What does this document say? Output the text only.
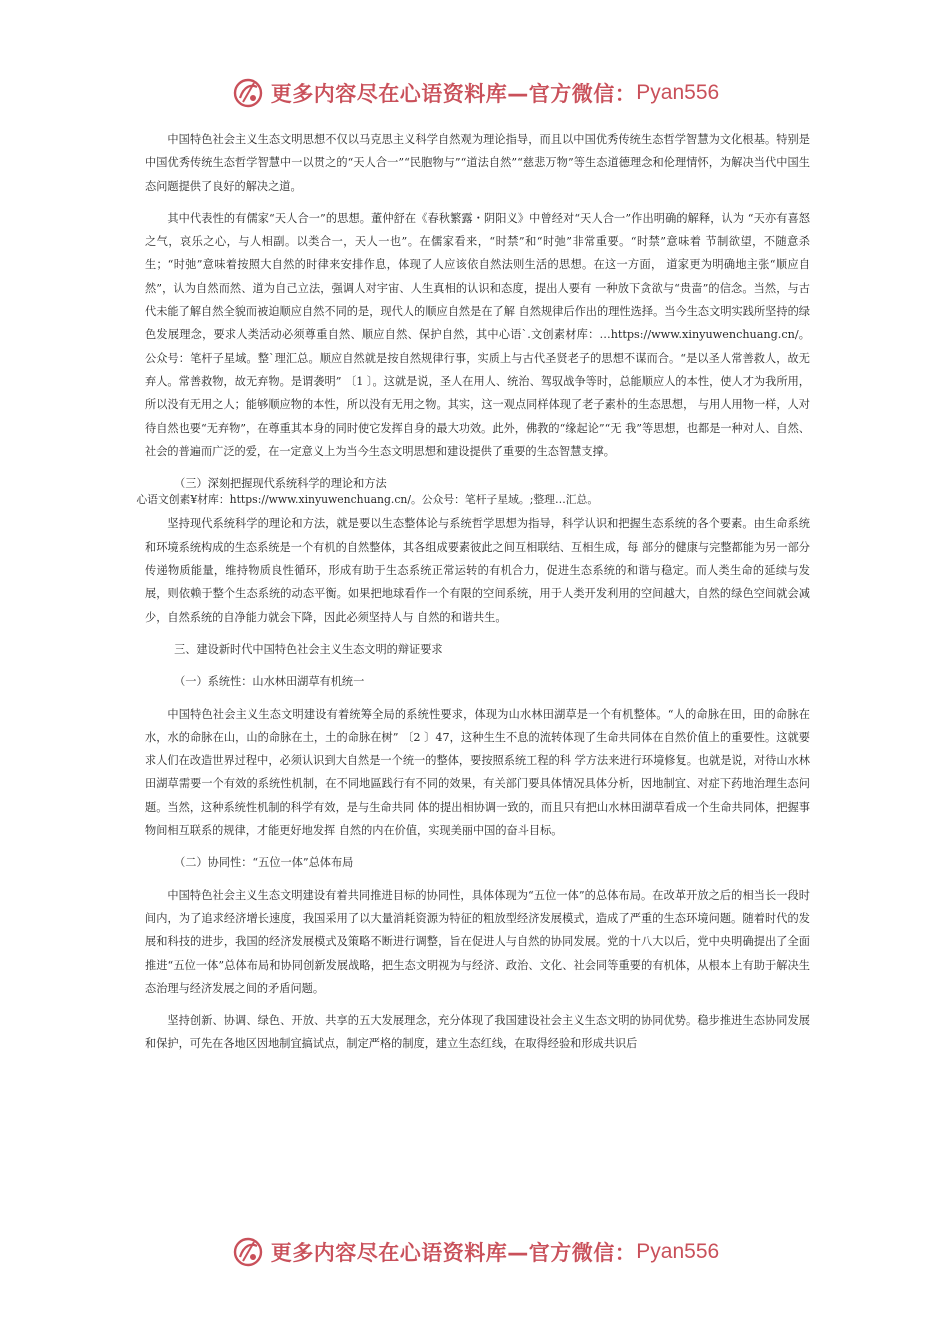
更多内容尽在心语资料库—官方微信： Pyan556

中国特色社会主义生态文明思想不仅以马克思主义科学自然观为理论指导，而且以中国优秀传统生态哲学智慧为文化根基。特别是中国优秀传统生态哲学智慧中一以贯之的“天人合一”“民胞物与”“道法自然”“慈悲万物”等生态道德理念和伦理情怀，为解决当代中国生态问题提供了良好的解决之道。

其中代表性的有儒家“天人合一”的思想。董仲舒在《春秋繁露・阴阳义》中曾经对“天人合一”作出明确的解释，认为 “天亦有喜怒之气，哀乐之心，与人相副。以类合一，天人一也”。在儒家看来，“时禁”和“时弛”非常重要。“时禁”意味着 节制欲望，不随意杀生；“时弛”意味着按照大自然的时律来安排作息，体现了人应该依自然法则生活的思想。在这一方面， 道家更为明确地主张“顺应自然”，认为自然而然、道为自己立法，强调人对宇宙、人生真相的认识和态度，提出人要有 一种放下贪欲与“贵啬”的信念。当然，与古代未能了解自然全貌而被迫顺应自然不同的是，现代人的顺应自然是在了解 自然规律后作出的理性选择。当今生态文明实践所坚持的绿色发展理念，要求人类活动必须尊重自然、顺应自然、保护自然，其中心语`.文创素材库：…https://www.xinyuwenchuang.cn/。公众号：笔杆子星域。整`理汇总。顺应自然就是按自然规律行事，实质上与古代圣贤老子的思想不谋而合。“是以圣人常善救人，故无弃人。常善救物，故无弃物。是谓袭明” 〔1 〕。这就是说，圣人在用人、统治、驾驭战争等时，总能顺应人的本性，使人才为我所用，所以没有无用之人；能够顺应物的本性，所以没有无用之物。其实，这一观点同样体现了老子素朴的生态思想， 与用人用物一样，人对待自然也要“无弃物”，在尊重其本身的同时使它发挥自身的最大功效。此外，佛教的“缘起论”“无 我”等思想，也都是一种对人、自然、社会的普遍而广泛的爱，在一定意义上为当今生态文明思想和建设提供了重要的生态智慧支撑。

（三）深刻把握现代系统科学的理论和方法

心语文创素¥材库：https://www.xinyuwenchuang.cn/。公众号：笔杆子星域。;整理…汇总。

坚持现代系统科学的理论和方法，就是要以生态整体论与系统哲学思想为指导，科学认识和把握生态系统的各个要素。由生命系统和环境系统构成的生态系统是一个有机的自然整体，其各组成要素彼此之间互相联结、互相生成，每 部分的健康与完整都能为另一部分传递物质能量，维持物质良性循环，形成有助于生态系统正常运转的有机合力，促进生态系统的和谐与稳定。而人类生命的延续与发展，则依赖于整个生态系统的动态平衡。如果把地球看作一个有限的空间系统，用于人类开发利用的空间越大，自然的绿色空间就会减少，自然系统的自净能力就会下降，因此必须坚持人与 自然的和谐共生。

三、建设新时代中国特色社会主义生态文明的辩证要求

（一）系统性：山水林田湖草有机统一

中国特色社会主义生态文明建设有着统筹全局的系统性要求，体现为山水林田湖草是一个有机整体。“人的命脉在田，田的命脉在水，水的命脉在山，山的命脉在土，土的命脉在树” 〔2 〕47，这种生生不息的流转体现了生命共同体在自然价值上的重要性。这就要求人们在改造世界过程中，必须认识到大自然是一个统一的整体，要按照系统工程的科 学方法来进行环境修复。也就是说，对待山水林田湖草需要一个有效的系统性机制，在不同地區践行有不同的效果，有关部门要具体情况具体分析，因地制宜、对症下药地治理生态问题。当然，这种系统性机制的科学有效，是与生命共同 体的提出相协调一致的，而且只有把山水林田湖草看成一个生命共同体，把握事物间相互联系的规律，才能更好地发挥 自然的内在价值，实现美丽中国的奋斗目标。

（二）协同性：“五位一体”总体布局

中国特色社会主义生态文明建设有着共同推进目标的协同性，具体体现为“五位一体”的总体布局。在改革开放之后的相当长一段时间内，为了追求经济增长速度，我国采用了以大量消耗资源为特征的粗放型经济发展模式，造成了严重的生态环境问题。随着时代的发展和科技的进步，我国的经济发展模式及策略不断进行调整，旨在促进人与自然的协同发展。党的十八大以后，党中央明确提出了全面推进“五位一体”总体布局和协同创新发展战略，把生态文明视为与经济、政治、文化、社会同等重要的有机体，从根本上有助于解决生态治理与经济发展之间的矛盾问题。

坚持创新、协调、绿色、开放、共享的五大发展理念，充分体现了我国建设社会主义生态文明的协同优势。稳步推进生态协同发展和保护，可先在各地区因地制宜搞试点，制定严格的制度，建立生态红线，在取得经验和形成共识后

更多内容尽在心语资料库—官方微信： Pyan556
